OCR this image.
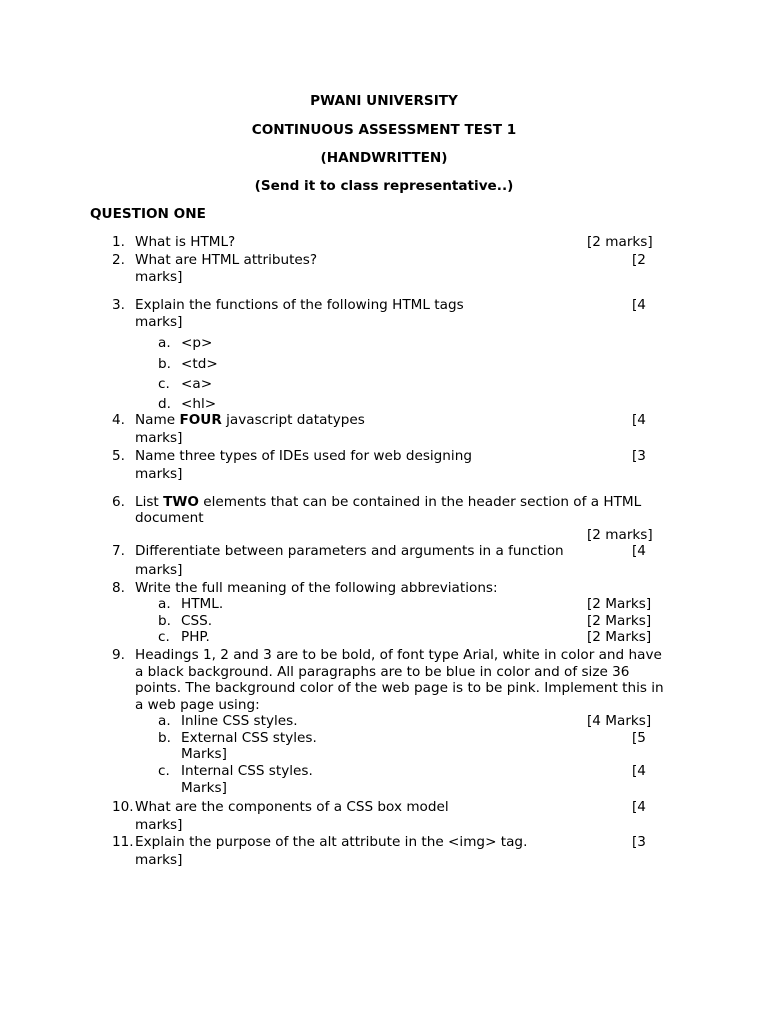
PWANI UNIVERSITY
CONTINUOUS ASSESSMENT TEST 1
(HANDWRITTEN)
(Send it to class representative..)
QUESTION ONE
1. What is HTML?	[2 marks]
2. What are HTML attributes?	[2
marks]
3. Explain the functions of the following HTML tags	[4
marks]
a. <p>
b. <td>
c. <a>
d. <hl>
4. Name FOUR javascript datatypes	[4
marks]
5. Name three types of IDEs used for web designing	[3
marks]
6. List TWO elements that can be contained in the header section of a HTML
document
[2 marks]
7. Differentiate between parameters and arguments in a function	[4
marks]
8. Write the full meaning of the following abbreviations:
a. HTML.	[2 Marks]
b. CSS.	[2 Marks]
c. PHP.	[2 Marks]
9. Headings 1, 2 and 3 are to be bold, of font type Arial, white in color and have
a black background. All paragraphs are to be blue in color and of size 36
points. The background color of the web page is to be pink. Implement this in
a web page using:
a. Inline CSS styles.	[4 Marks]
b. External CSS styles.	[5
Marks]
c. Internal CSS styles.	[4
Marks]
10. What are the components of a CSS box model	[4
marks]
11. Explain the purpose of the alt attribute in the <img> tag.	[3
marks]
